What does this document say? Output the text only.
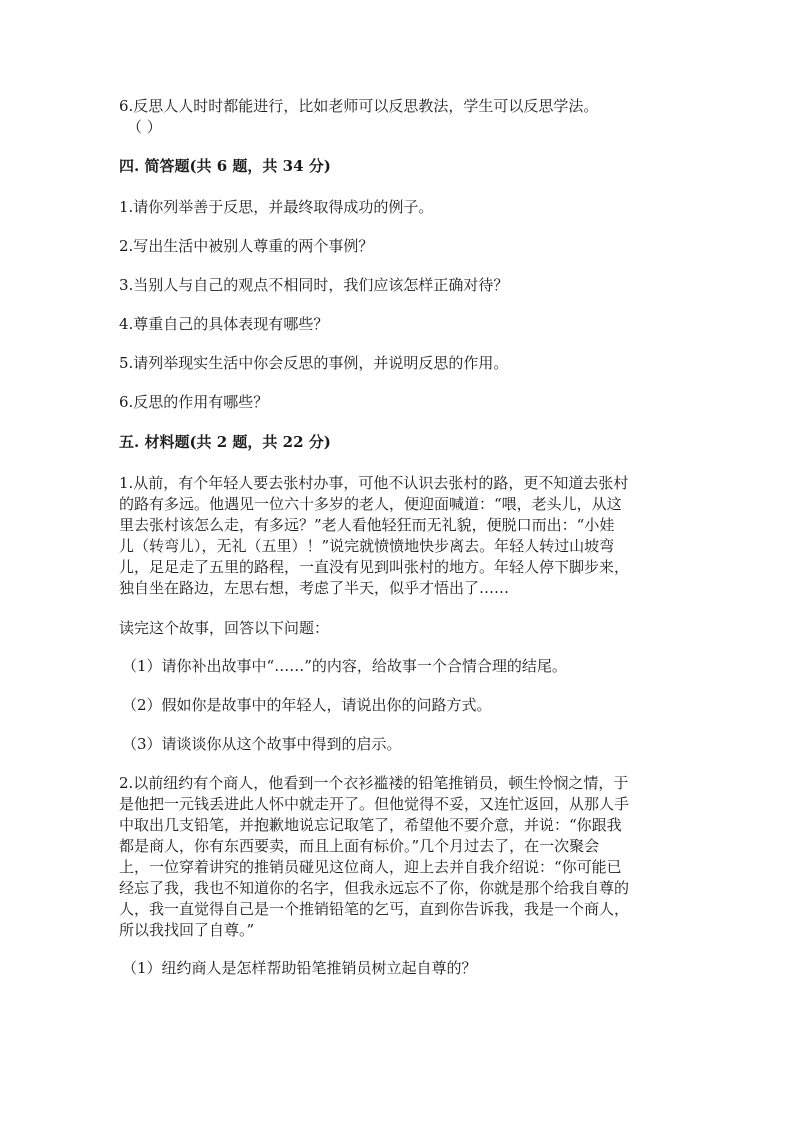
6.反思人人时时都能进行，比如老师可以反思教法，学生可以反思学法。

（ ）

四. 简答题(共 6 题，共 34 分)

1.请你列举善于反思，并最终取得成功的例子。

2.写出生活中被别人尊重的两个事例？

3.当别人与自己的观点不相同时，我们应该怎样正确对待？

4.尊重自己的具体表现有哪些？

5.请列举现实生活中你会反思的事例，并说明反思的作用。

6.反思的作用有哪些？

五. 材料题(共 2 题，共 22 分)

1.从前，有个年轻人要去张村办事，可他不认识去张村的路，更不知道去张村

的路有多远。他遇见一位六十多岁的老人，便迎面喊道：“喂，老头儿，从这

里去张村该怎么走，有多远？”老人看他轻狂而无礼貌，便脱口而出：“小娃

儿（转弯儿），无礼（五里）！”说完就愤愤地快步离去。年轻人转过山坡弯

儿，足足走了五里的路程，一直没有见到叫张村的地方。年轻人停下脚步来，

独自坐在路边，左思右想，考虑了半天，似乎才悟出了……

读完这个故事，回答以下问题：

（1）请你补出故事中“……”的内容，给故事一个合情合理的结尾。

（2）假如你是故事中的年轻人，请说出你的问路方式。

（3）请谈谈你从这个故事中得到的启示。

2.以前纽约有个商人，他看到一个衣衫褴褛的铅笔推销员，顿生怜悯之情，于

是他把一元钱丢进此人怀中就走开了。但他觉得不妥，又连忙返回，从那人手

中取出几支铅笔，并抱歉地说忘记取笔了，希望他不要介意，并说：“你跟我

都是商人，你有东西要卖，而且上面有标价。”几个月过去了，在一次聚会

上，一位穿着讲究的推销员碰见这位商人，迎上去并自我介绍说：“你可能已

经忘了我，我也不知道你的名字，但我永远忘不了你，你就是那个给我自尊的

人，我一直觉得自己是一个推销铅笔的乞丐，直到你告诉我，我是一个商人，

所以我找回了自尊。”

（1）纽约商人是怎样帮助铅笔推销员树立起自尊的？
